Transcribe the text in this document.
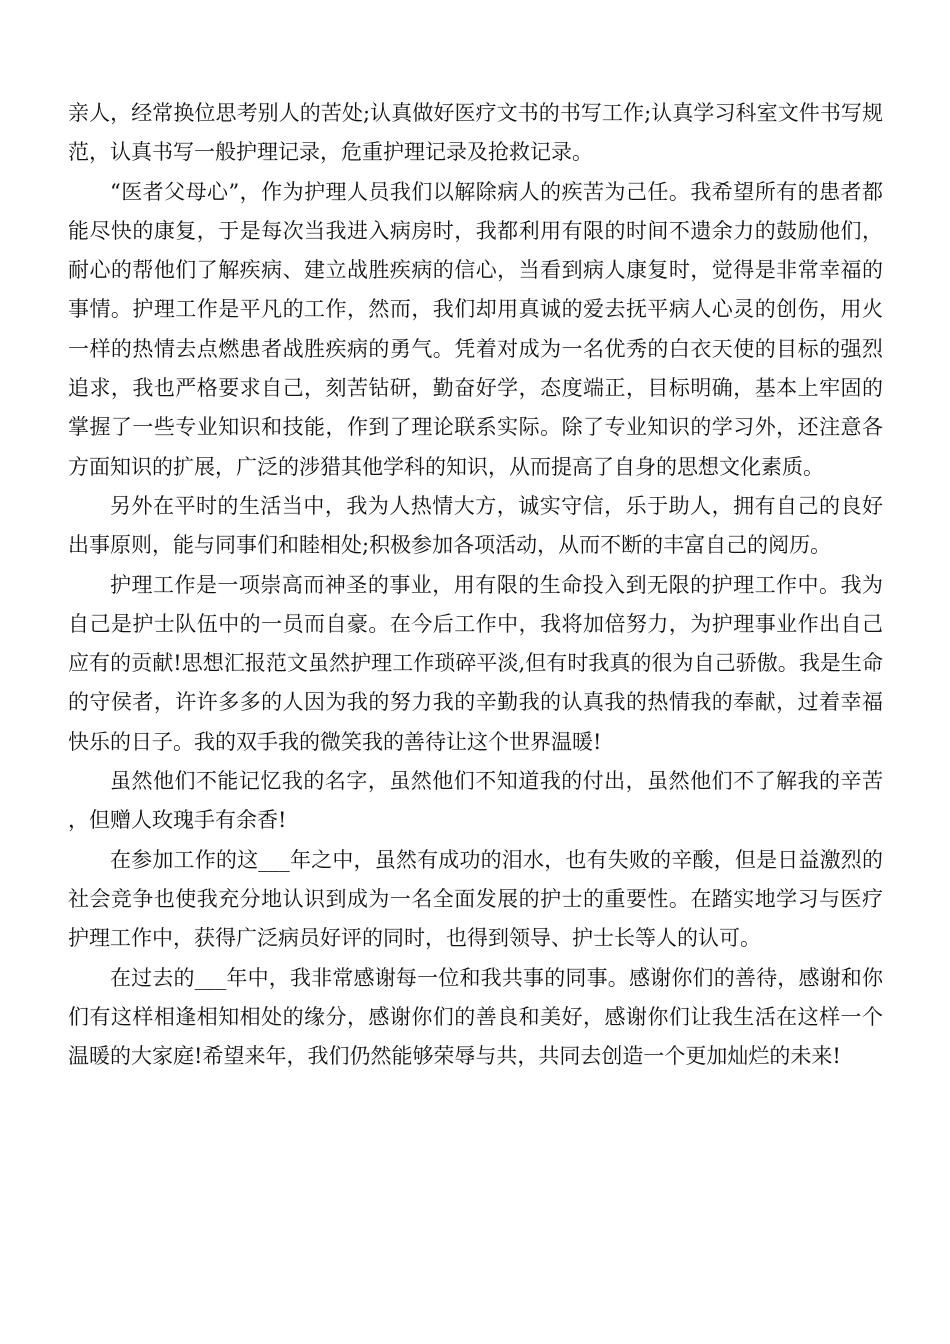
亲人，经常换位思考别人的苦处;认真做好医疗文书的书写工作;认真学习科室文件书写规范，认真书写一般护理记录，危重护理记录及抢救记录。

“医者父母心”，作为护理人员我们以解除病人的疾苦为己任。我希望所有的患者都能尽快的康复，于是每次当我进入病房时，我都利用有限的时间不遗余力的鼓励他们，耐心的帮他们了解疾病、建立战胜疾病的信心，当看到病人康复时，觉得是非常幸福的事情。护理工作是平凡的工作，然而，我们却用真诚的爱去抚平病人心灵的创伤，用火一样的热情去点燃患者战胜疾病的勇气。凭着对成为一名优秀的白衣天使的目标的强烈追求，我也严格要求自己，刻苦钻研，勤奋好学，态度端正，目标明确，基本上牢固的掌握了一些专业知识和技能，作到了理论联系实际。除了专业知识的学习外，还注意各方面知识的扩展，广泛的涉猎其他学科的知识，从而提高了自身的思想文化素质。

另外在平时的生活当中，我为人热情大方，诚实守信，乐于助人，拥有自己的良好出事原则，能与同事们和睦相处;积极参加各项活动，从而不断的丰富自己的阅历。

护理工作是一项崇高而神圣的事业，用有限的生命投入到无限的护理工作中。我为自己是护士队伍中的一员而自豪。在今后工作中，我将加倍努力，为护理事业作出自己应有的贡献!思想汇报范文虽然护理工作琐碎平淡,但有时我真的很为自己骄傲。我是生命的守侯者，许许多多的人因为我的努力我的辛勤我的认真我的热情我的奉献，过着幸福快乐的日子。我的双手我的微笑我的善待让这个世界温暖!

虽然他们不能记忆我的名字，虽然他们不知道我的付出，虽然他们不了解我的辛苦，但赠人玫瑰手有余香!

在参加工作的这___年之中，虽然有成功的泪水，也有失败的辛酸，但是日益激烈的社会竞争也使我充分地认识到成为一名全面发展的护士的重要性。在踏实地学习与医疗护理工作中，获得广泛病员好评的同时，也得到领导、护士长等人的认可。

在过去的___年中，我非常感谢每一位和我共事的同事。感谢你们的善待，感谢和你们有这样相逢相知相处的缘分，感谢你们的善良和美好，感谢你们让我生活在这样一个温暖的大家庭!希望来年，我们仍然能够荣辱与共，共同去创造一个更加灿烂的未来!
